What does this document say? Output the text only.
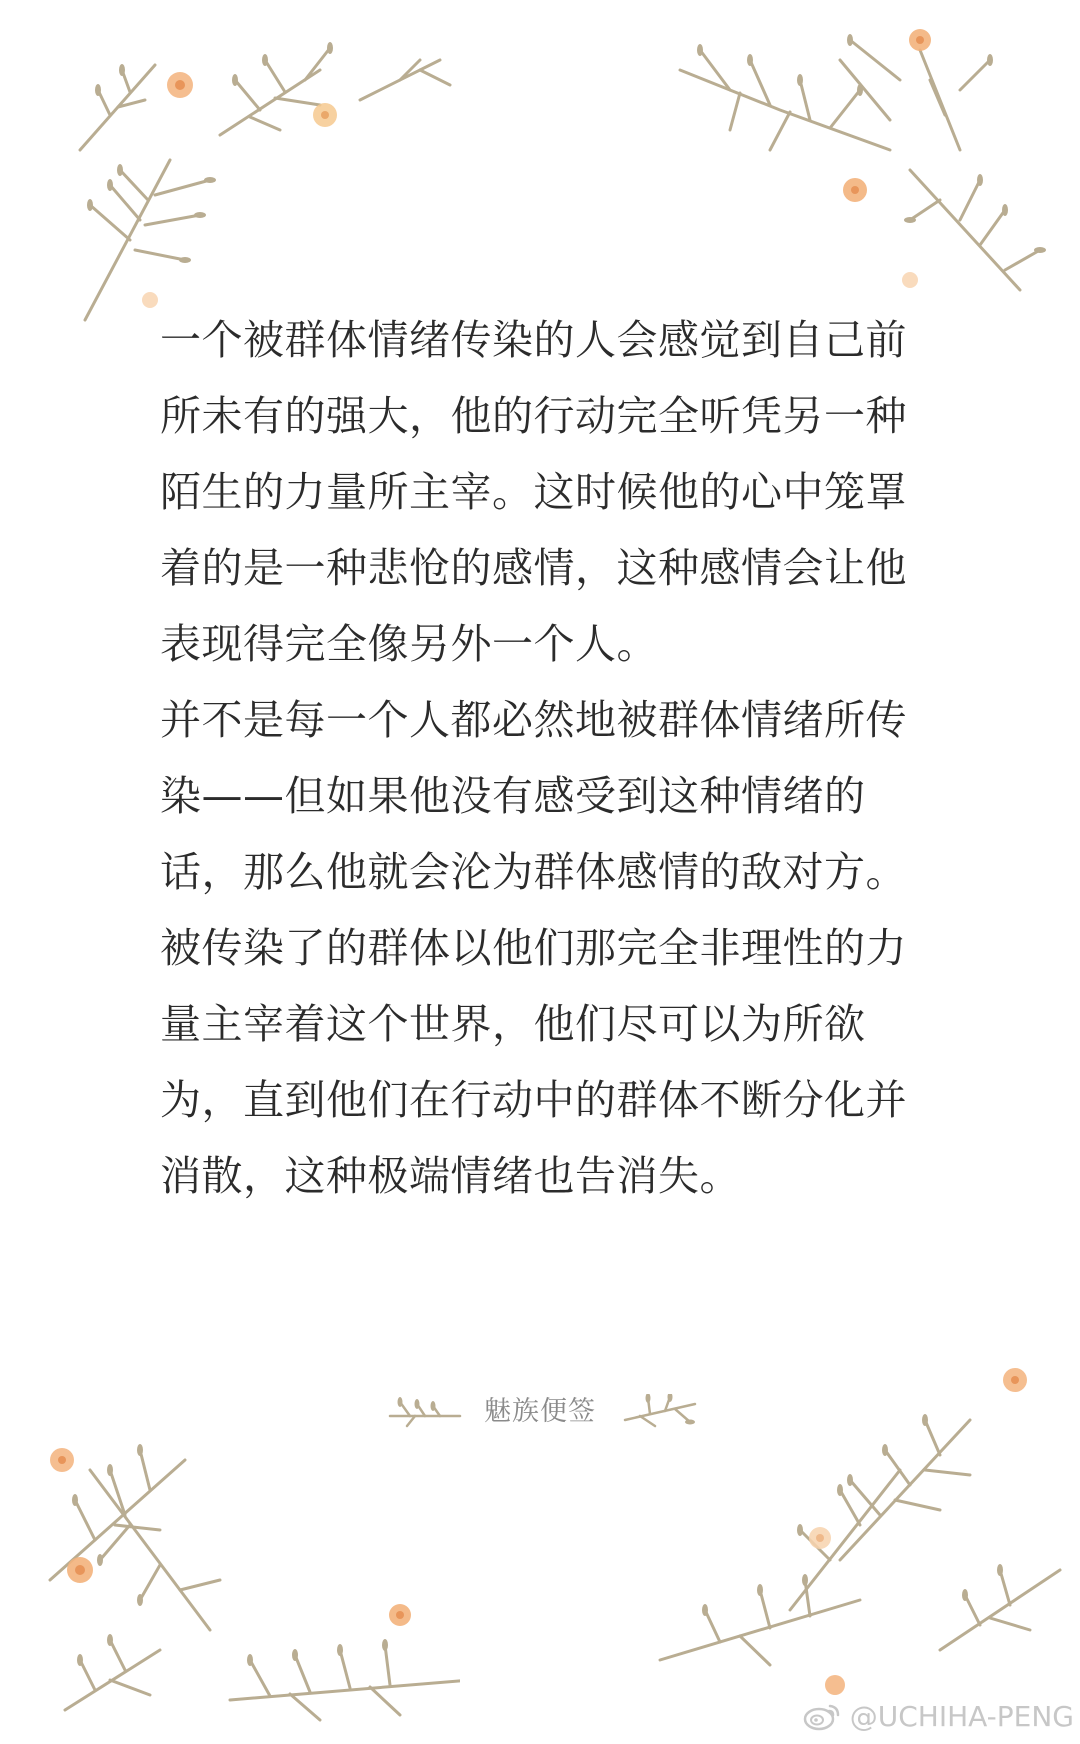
一个被群体情绪传染的人会感觉到自己前所未有的强大，他的行动完全听凭另一种陌生的力量所主宰。这时候他的心中笼罩着的是一种悲怆的感情，这种感情会让他表现得完全像另外一个人。

并不是每一个人都必然地被群体情绪所传染——但如果他没有感受到这种情绪的话，那么他就会沦为群体感情的敌对方。被传染了的群体以他们那完全非理性的力量主宰着这个世界，他们尽可以为所欲为，直到他们在行动中的群体不断分化并消散，这种极端情绪也告消失。

魅族便签
@UCHIHA-PENG
